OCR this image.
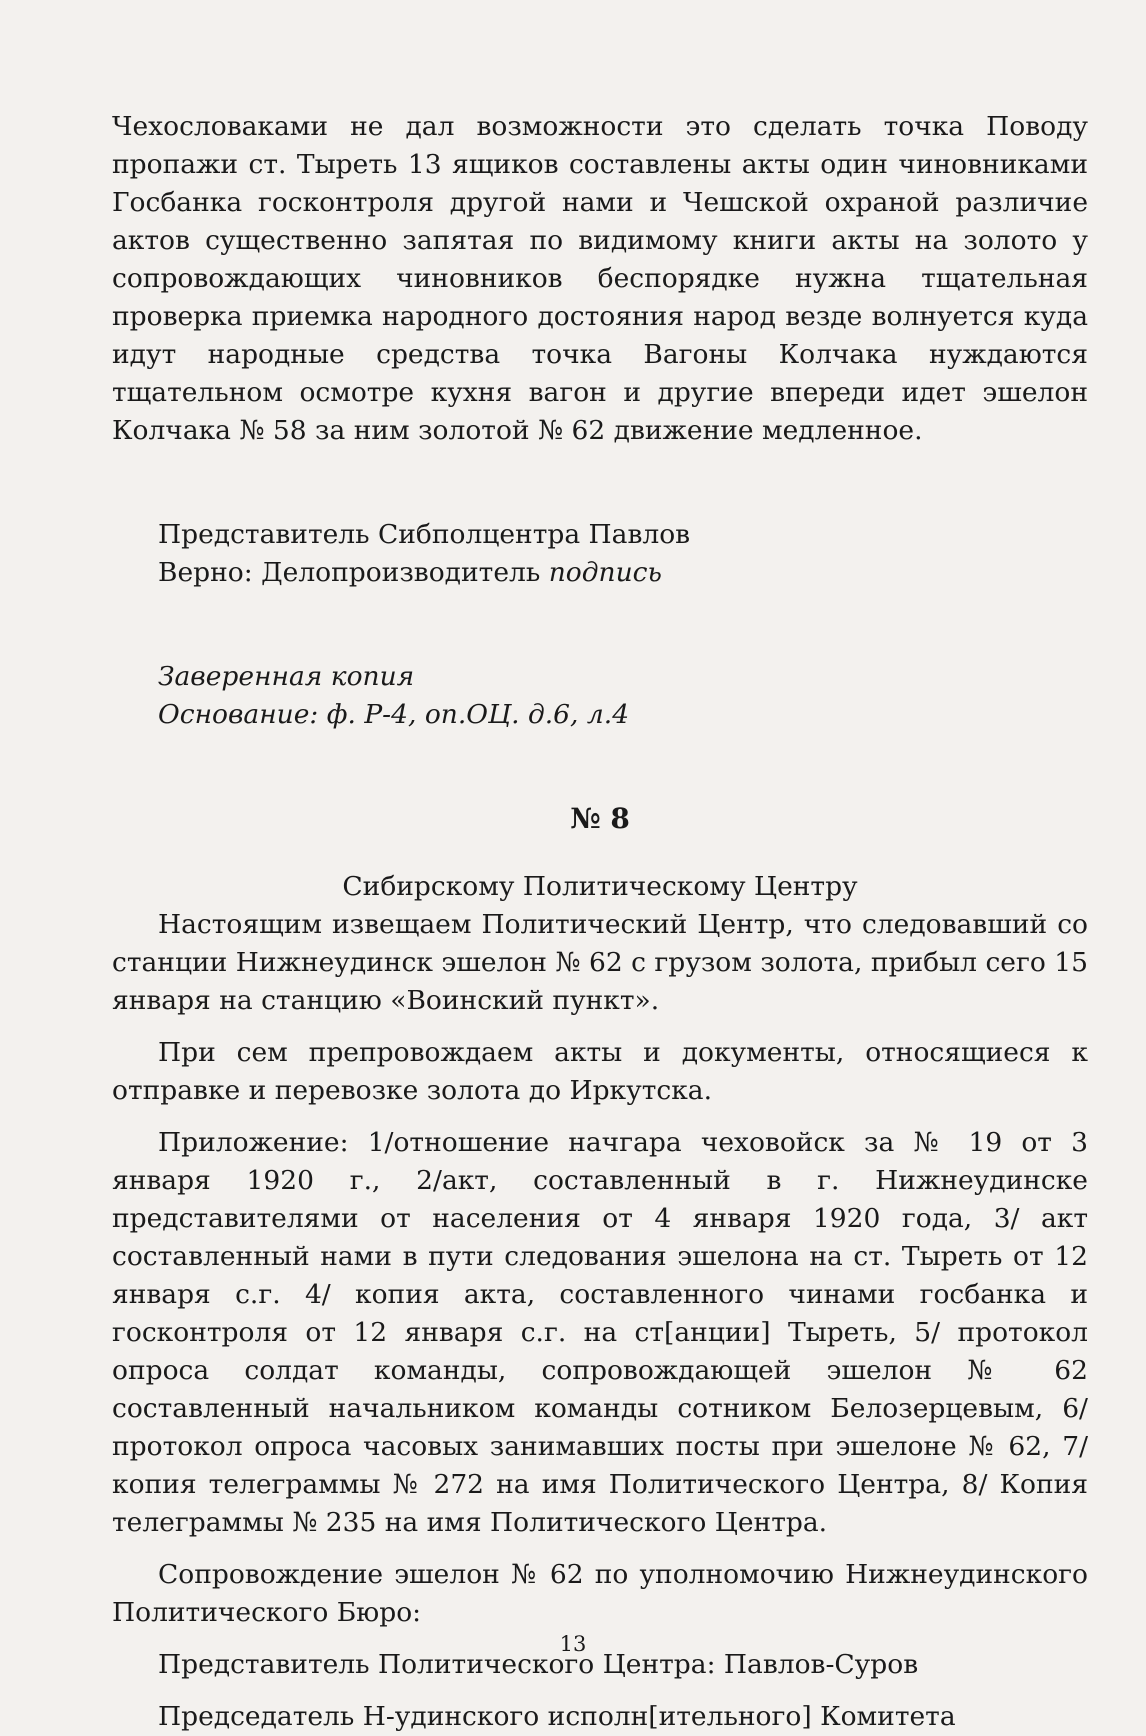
Чехословаками не дал возможности это сделать точка Поводу пропажи ст. Тыреть 13 ящиков составлены акты один чиновниками Госбанка госконтроля другой нами и Чешской охраной различие актов существенно запятая по видимому книги акты на золото у сопровождающих чиновников беспорядке нужна тщательная проверка приемка народного достояния народ везде волнуется куда идут народные средства точка Вагоны Колчака нуждаются тщательном осмотре кухня вагон и другие впереди идет эшелон Колчака № 58 за ним золотой № 62 движение медленное.

Представитель Сибполцентра Павлов

Верно: Делопроизводитель подпись

Заверенная копия

Основание: ф. Р-4, оп.ОЦ. д.6, л.4

№ 8

Сибирскому Политическому Центру

Настоящим извещаем Политический Центр, что следовавший со станции Нижнеудинск эшелон № 62 с грузом золота, прибыл сего 15 января на станцию «Воинский пункт».

При сем препровождаем акты и документы, относящиеся к отправке и перевозке золота до Иркутска.

Приложение: 1/отношение начгара чеховойск за № 19 от 3 января 1920 г., 2/акт, составленный в г. Нижнеудинске представителями от населения от 4 января 1920 года, 3/ акт составленный нами в пути следования эшелона на ст. Тыреть от 12 января с.г. 4/ копия акта, составленного чинами госбанка и госконтроля от 12 января с.г. на ст[анции] Тыреть, 5/ протокол опроса солдат команды, сопровождающей эшелон № 62 составленный начальником команды сотником Белозерцевым, 6/протокол опроса часовых занимавших посты при эшелоне № 62, 7/ копия телеграммы № 272 на имя Политического Центра, 8/ Копия телеграммы № 235 на имя Политического Центра.

Сопровождение эшелон № 62 по уполномочию Нижнеудинского Политического Бюро:

Представитель Политического Центра: Павлов-Суров

Председатель Н-удинского исполн[ительного] Комитета

13
